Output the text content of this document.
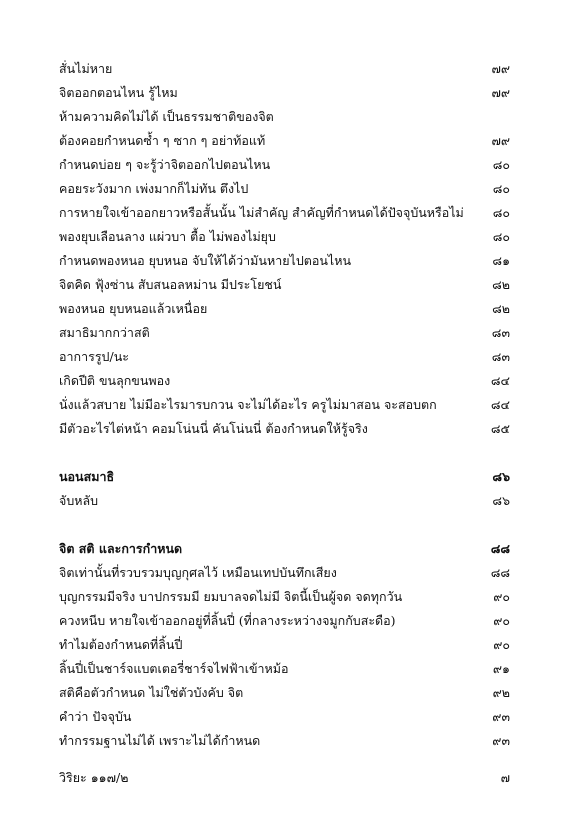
สั่นไม่หาย	๗๙
จิตออกตอนไหน รู้ไหม	๗๙
ห้ามความคิดไม่ได้ เป็นธรรมชาติของจิต
ต้องคอยกำหนดซ้ำ ๆ ซาก ๆ อย่าท้อแท้	๗๙
กำหนดบ่อย ๆ จะรู้ว่าจิตออกไปตอนไหน	๘๐
คอยระวังมาก เพ่งมากก็ไม่ทัน ตึงไป	๘๐
การหายใจเข้าออกยาวหรือสั้นนั้น ไม่สำคัญ สำคัญที่กำหนดได้ปัจจุบันหรือไม่	๘๐
พองยุบเลือนลาง แผ่วบา ตื้อ ไม่พองไม่ยุบ	๘๐
กำหนดพองหนอ ยุบหนอ จับให้ได้ว่ามันหายไปตอนไหน	๘๑
จิตคิด ฟุ้งซ่าน สับสนอลหม่าน มีประโยชน์	๘๒
พองหนอ ยุบหนอแล้วเหนื่อย	๘๒
สมาธิมากกว่าสติ	๘๓
อาการรูป/นะ	๘๓
เกิดปีติ ขนลุกขนพอง	๘๔
นั่งแล้วสบาย ไม่มีอะไรมารบกวน จะไม่ได้อะไร ครูไม่มาสอน จะสอบตก	๘๔
มีตัวอะไรไต่หน้า คอมโน่นนี่ คันโน่นนี่ ต้องกำหนดให้รู้จริง	๘๕
นอนสมาธิ	๘๖
จับหลับ	๘๖
จิต สติ และการกำหนด	๘๘
จิตเท่านั้นที่รวบรวมบุญกุศลไว้ เหมือนเทปบันทึกเสียง	๘๘
บุญกรรมมีจริง บาปกรรมมี ยมบาลจดไม่มี จิตนี้เป็นผู้จด จดทุกวัน	๙๐
ควงหนีบ หายใจเข้าออกอยู่ที่ลิ้นปี่ (ที่กลางระหว่างจมูกกับสะดือ)	๙๐
ทำไมต้องกำหนดที่ลิ้นปี่	๙๐
ลิ้นปี่เป็นชาร์จแบตเตอรี่ชาร์จไฟฟ้าเข้าหม้อ	๙๑
สติคือตัวกำหนด ไม่ใช่ตัวบังคับ จิต	๙๒
คำว่า ปัจจุบัน	๙๓
ทำกรรมฐานไม่ได้ เพราะไม่ได้กำหนด	๙๓
วิริยะ ๑๑๗/๒	๗
